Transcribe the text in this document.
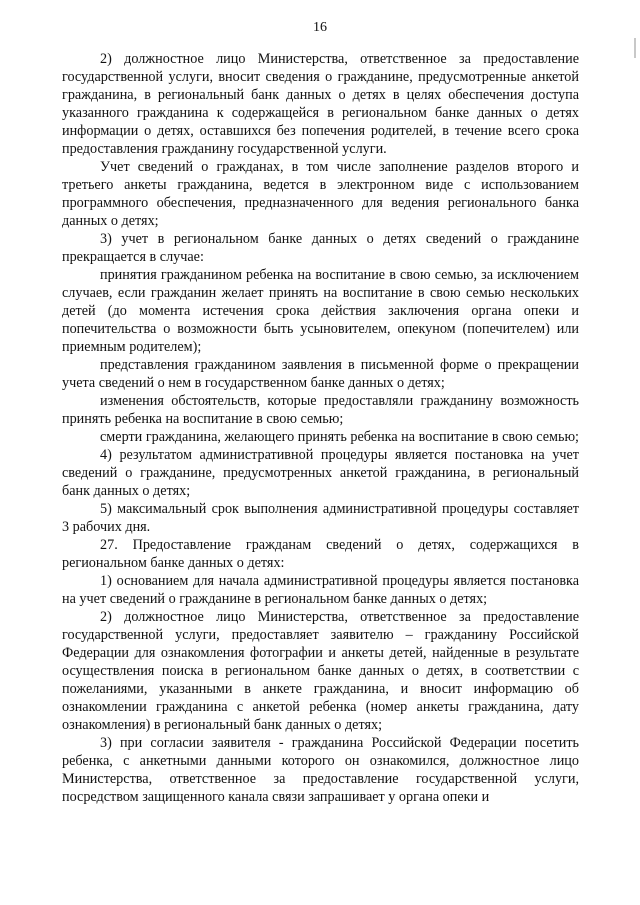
16

2) должностное лицо Министерства, ответственное за предоставление государственной услуги, вносит сведения о гражданине, предусмотренные анкетой гражданина, в региональный банк данных о детях в целях обеспечения доступа указанного гражданина к содержащейся в региональном банке данных о детях информации о детях, оставшихся без попечения родителей, в течение всего срока предоставления гражданину государственной услуги.

Учет сведений о гражданах, в том числе заполнение разделов второго и третьего анкеты гражданина, ведется в электронном виде с использованием программного обеспечения, предназначенного для ведения регионального банка данных о детях;

3) учет в региональном банке данных о детях сведений о гражданине прекращается в случае:

принятия гражданином ребенка на воспитание в свою семью, за исключением случаев, если гражданин желает принять на воспитание в свою семью нескольких детей (до момента истечения срока действия заключения органа опеки и попечительства о возможности быть усыновителем, опекуном (попечителем) или приемным родителем);

представления гражданином заявления в письменной форме о прекращении учета сведений о нем в государственном банке данных о детях;

изменения обстоятельств, которые предоставляли гражданину возможность принять ребенка на воспитание в свою семью;

смерти гражданина, желающего принять ребенка на воспитание в свою семью;

4) результатом административной процедуры является постановка на учет сведений о гражданине, предусмотренных анкетой гражданина, в региональный банк данных о детях;

5) максимальный срок выполнения административной процедуры составляет 3 рабочих дня.

27. Предоставление гражданам сведений о детях, содержащихся в региональном банке данных о детях:

1) основанием для начала административной процедуры является постановка на учет сведений о гражданине в региональном банке данных о детях;

2) должностное лицо Министерства, ответственное за предоставление государственной услуги, предоставляет заявителю – гражданину Российской Федерации для ознакомления фотографии и анкеты детей, найденные в результате осуществления поиска в региональном банке данных о детях, в соответствии с пожеланиями, указанными в анкете гражданина, и вносит информацию об ознакомлении гражданина с анкетой ребенка (номер анкеты гражданина, дату ознакомления) в региональный банк данных о детях;

3) при согласии заявителя - гражданина Российской Федерации посетить ребенка, с анкетными данными которого он ознакомился, должностное лицо Министерства, ответственное за предоставление государственной услуги, посредством защищенного канала связи запрашивает у органа опеки и
